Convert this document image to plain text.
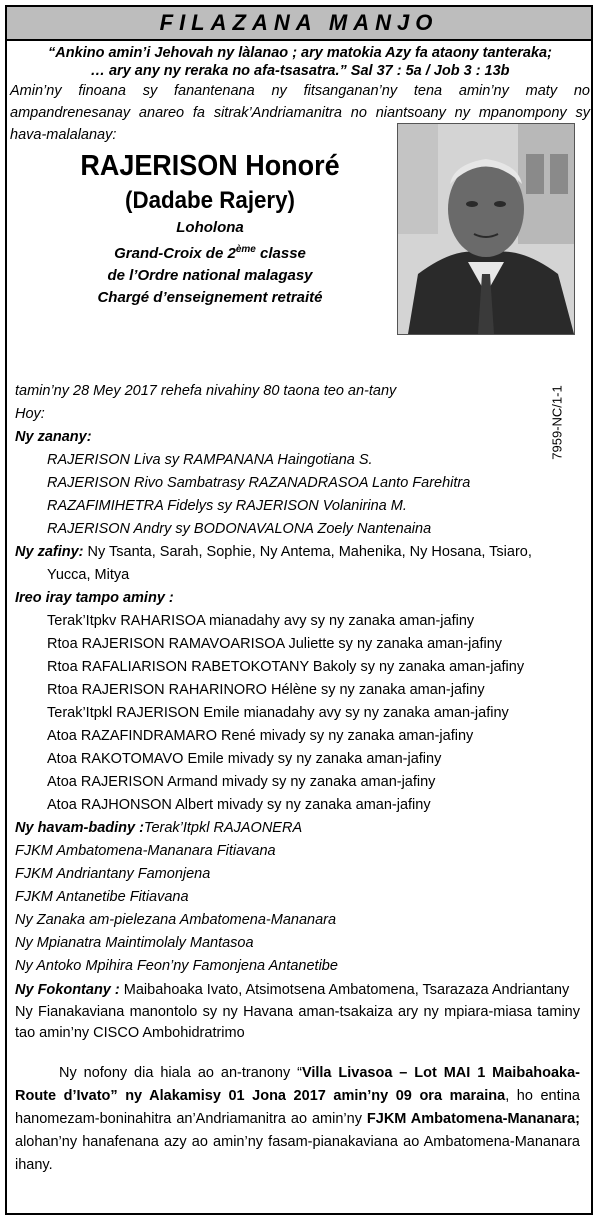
FILAZANA MANJO

“Ankino amin’i Jehovah ny làlanao ; ary matokia Azy fa ataony tanteraka;

… ary any ny reraka no afa-tsasatra.” Sal 37 : 5a / Job 3 : 13b

Amin’ny finoana sy fanantenana ny fitsanganan’ny tena amin’ny maty no ampandrenesanay anareo fa sitrak’Andriamanitra no niantsoany ny mpanompony sy hava-malalanay:

RAJERISON Honoré
(Dadabe Rajery)
Loholona
Grand-Croix de 2ème classe
de l’Ordre national malagasy
Chargé d’enseignement retraité
7959-NC/1-1

tamin’ny 28 Mey 2017 rehefa nivahiny 80 taona teo an-tany

Hoy:

Ny zanany:

RAJERISON Liva sy RAMPANANA Haingotiana S.

RAJERISON Rivo Sambatrasy RAZANADRASOA Lanto Farehitra

RAZAFIMIHETRA Fidelys sy RAJERISON Volanirina M.

RAJERISON Andry sy BODONAVALONA Zoely Nantenaina

Ny zafiny: Ny Tsanta, Sarah, Sophie, Ny Antema, Mahenika, Ny Hosana, Tsiaro,

Yucca, Mitya

Ireo iray tampo aminy :

Terak’Itpkv RAHARISOA mianadahy avy sy ny zanaka aman-jafiny

Rtoa RAJERISON RAMAVOARISOA Juliette sy ny zanaka aman-jafiny

Rtoa RAFALIARISON RABETOKOTANY Bakoly sy ny zanaka aman-jafiny

Rtoa RAJERISON RAHARINORO Hélène sy ny zanaka aman-jafiny

Terak’Itpkl RAJERISON Emile mianadahy avy sy ny zanaka aman-jafiny

Atoa RAZAFINDRAMARO René mivady sy ny zanaka aman-jafiny

Atoa RAKOTOMAVO Emile mivady sy ny zanaka aman-jafiny

Atoa RAJERISON Armand mivady sy ny zanaka aman-jafiny

Atoa RAJHONSON Albert mivady sy ny zanaka aman-jafiny

Ny havam-badiny :Terak’Itpkl RAJAONERA

FJKM Ambatomena-Mananara Fitiavana

FJKM Andriantany Famonjena

FJKM Antanetibe Fitiavana

Ny Zanaka am-pielezana Ambatomena-Mananara

Ny Mpianatra Maintimolaly Mantasoa

Ny Antoko Mpihira Feon’ny Famonjena Antanetibe

Ny Fokontany : Maibahoaka Ivato, Atsimotsena Ambatomena, Tsarazaza Andriantany

Ny Fianakaviana manontolo sy ny Havana aman-tsakaiza ary ny mpiara-miasa taminy tao amin’ny CISCO Ambohidratrimo

Ny nofony dia hiala ao an-tranony “Villa Livasoa – Lot MAI 1 Maibahoaka-Route d’Ivato” ny Alakamisy 01 Jona 2017 amin’ny 09 ora maraina, ho entina hanomezam-boninahitra an’Andriamanitra ao amin’ny FJKM Ambatomena-Mananara; alohan’ny hanafenana azy ao amin’ny fasam-pianakaviana ao Ambatomena-Mananara ihany.
